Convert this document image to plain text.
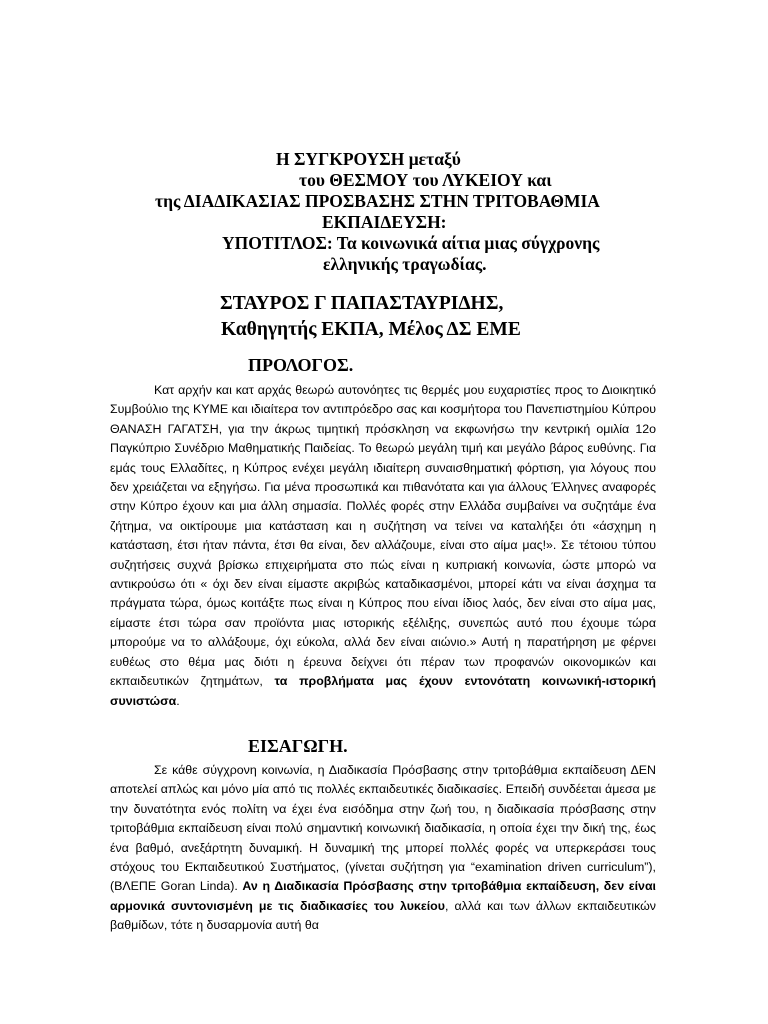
Η ΣΥΓΚΡΟΥΣΗ μεταξύ
του ΘΕΣΜΟΥ του ΛΥΚΕΙΟΥ και
της ΔΙΑΔΙΚΑΣΙΑΣ ΠΡΟΣΒΑΣΗΣ ΣΤΗΝ ΤΡΙΤΟΒΑΘΜΙΑ
ΕΚΠΑΙΔΕΥΣΗ:
ΥΠΟΤΙΤΛΟΣ: Τα κοινωνικά αίτια μιας σύγχρονης
ελληνικής τραγωδίας.
ΣΤΑΥΡΟΣ Γ ΠΑΠΑΣΤΑΥΡΙΔΗΣ,
Καθηγητής ΕΚΠΑ, Μέλος ΔΣ ΕΜΕ
ΠΡΟΛΟΓΟΣ.
Κατ αρχήν και κατ αρχάς θεωρώ αυτονόητες τις θερμές μου ευχαριστίες προς το Διοικητικό Συμβούλιο της ΚΥΜΕ και ιδιαίτερα τον αντιπρόεδρο σας και κοσμήτορα του Πανεπιστημίου Κύπρου ΘΑΝΑΣΗ ΓΑΓΑΤΣΗ, για την άκρως τιμητική πρόσκληση να εκφωνήσω την κεντρική ομιλία 12ο Παγκύπριο Συνέδριο Μαθηματικής Παιδείας. Το θεωρώ μεγάλη τιμή και μεγάλο βάρος ευθύνης. Για εμάς τους Ελλαδίτες, η Κύπρος ενέχει μεγάλη ιδιαίτερη συναισθηματική φόρτιση, για λόγους που δεν χρειάζεται να εξηγήσω. Για μένα προσωπικά και πιθανότατα και για άλλους Έλληνες αναφορές στην Κύπρο έχουν και μια άλλη σημασία. Πολλές φορές στην Ελλάδα συμβαίνει να συζητάμε ένα ζήτημα, να οικτίρουμε μια κατάσταση και η συζήτηση να τείνει να καταλήξει ότι «άσχημη η κατάσταση, έτσι ήταν πάντα, έτσι θα είναι, δεν αλλάζουμε, είναι στο αίμα μας!». Σε τέτοιου τύπου συζητήσεις συχνά βρίσκω επιχειρήματα στο πώς είναι η κυπριακή κοινωνία, ώστε μπορώ να αντικρούσω ότι « όχι δεν είναι είμαστε ακριβώς καταδικασμένοι, μπορεί κάτι να είναι άσχημα τα πράγματα τώρα, όμως κοιτάξτε πως είναι η Κύπρος που είναι ίδιος λαός, δεν είναι στο αίμα μας, είμαστε έτσι τώρα σαν προϊόντα μιας ιστορικής εξέλιξης, συνεπώς αυτό που έχουμε τώρα μπορούμε να το αλλάξουμε, όχι εύκολα, αλλά δεν είναι αιώνιο.» Αυτή η παρατήρηση με φέρνει ευθέως στο θέμα μας διότι η έρευνα δείχνει ότι πέραν των προφανών οικονομικών και εκπαιδευτικών ζητημάτων, τα προβλήματα μας έχουν εντονότατη κοινωνική-ιστορική συνιστώσα.
ΕΙΣΑΓΩΓΗ.
Σε κάθε σύγχρονη κοινωνία, η Διαδικασία Πρόσβασης στην τριτοβάθμια εκπαίδευση ΔΕΝ αποτελεί απλώς και μόνο μία από τις πολλές εκπαιδευτικές διαδικασίες. Επειδή συνδέεται άμεσα με την δυνατότητα ενός πολίτη να έχει ένα εισόδημα στην ζωή του, η διαδικασία πρόσβασης στην τριτοβάθμια εκπαίδευση είναι πολύ σημαντική κοινωνική διαδικασία, η οποία έχει την δική της, έως ένα βαθμό, ανεξάρτητη δυναμική. Η δυναμική της μπορεί πολλές φορές να υπερκεράσει τους στόχους του Εκπαιδευτικού Συστήματος, (γίνεται συζήτηση για “examination driven curriculum”), (ΒΛΕΠΕ Goran Linda). Αν η Διαδικασία Πρόσβασης στην τριτοβάθμια εκπαίδευση, δεν είναι αρμονικά συντονισμένη με τις διαδικασίες του λυκείου, αλλά και των άλλων εκπαιδευτικών βαθμίδων, τότε η δυσαρμονία αυτή θα
